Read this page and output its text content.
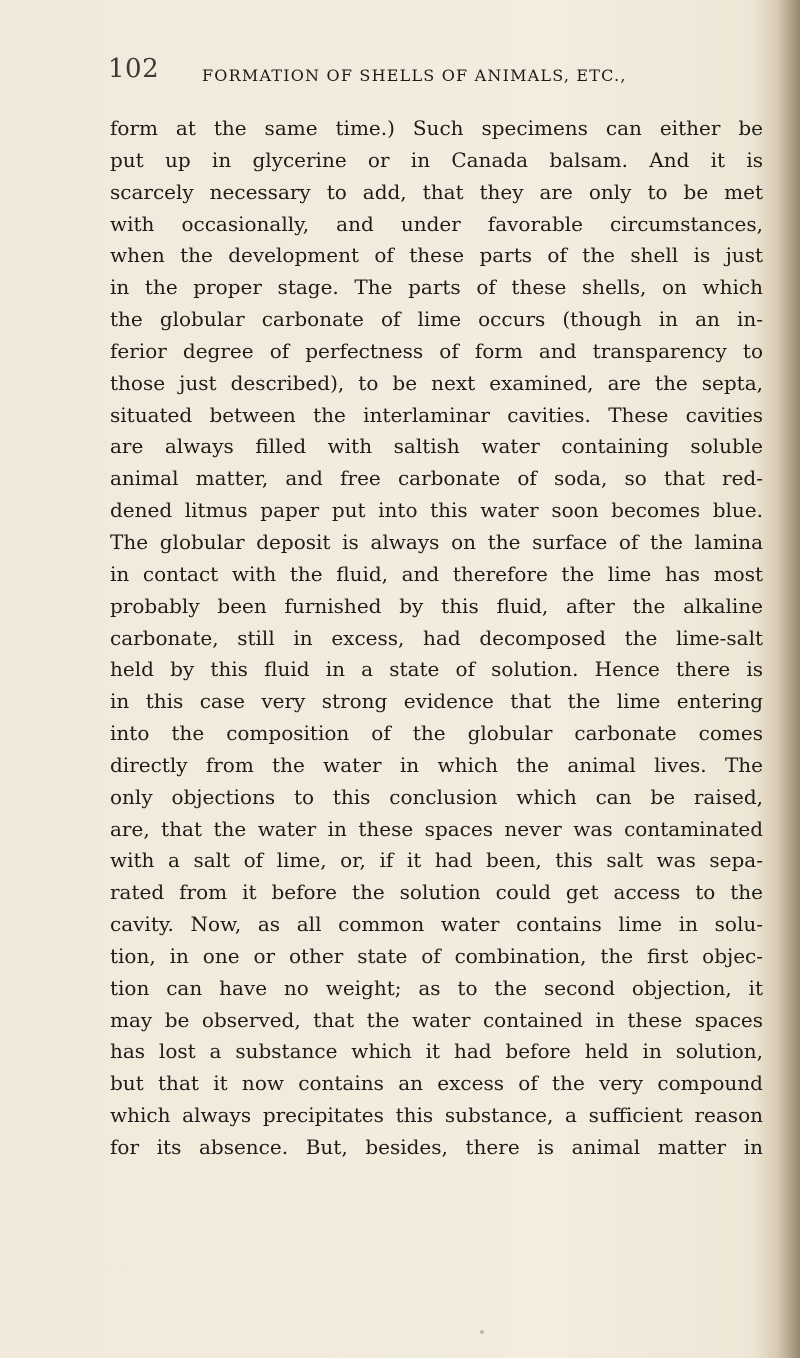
102	FORMATION OF SHELLS OF ANIMALS, ETC.,
form at the same time.) Such specimens can either be
put up in glycerine or in Canada balsam. And it is
scarcely necessary to add, that they are only to be met
with occasionally, and under favorable circumstances,
when the development of these parts of the shell is just
in the proper stage. The parts of these shells, on which
the globular carbonate of lime occurs (though in an in-
ferior degree of perfectness of form and transparency to
those just described), to be next examined, are the septa,
situated between the interlaminar cavities. These cavities
are always filled with saltish water containing soluble
animal matter, and free carbonate of soda, so that red-
dened litmus paper put into this water soon becomes blue.
The globular deposit is always on the surface of the lamina
in contact with the fluid, and therefore the lime has most
probably been furnished by this fluid, after the alkaline
carbonate, still in excess, had decomposed the lime-salt
held by this fluid in a state of solution. Hence there is
in this case very strong evidence that the lime entering
into the composition of the globular carbonate comes
directly from the water in which the animal lives. The
only objections to this conclusion which can be raised,
are, that the water in these spaces never was contaminated
with a salt of lime, or, if it had been, this salt was sepa-
rated from it before the solution could get access to the
cavity. Now, as all common water contains lime in solu-
tion, in one or other state of combination, the first objec-
tion can have no weight; as to the second objection, it
may be observed, that the water contained in these spaces
has lost a substance which it had before held in solution,
but that it now contains an excess of the very compound
which always precipitates this substance, a sufficient reason
for its absence. But, besides, there is animal matter in
